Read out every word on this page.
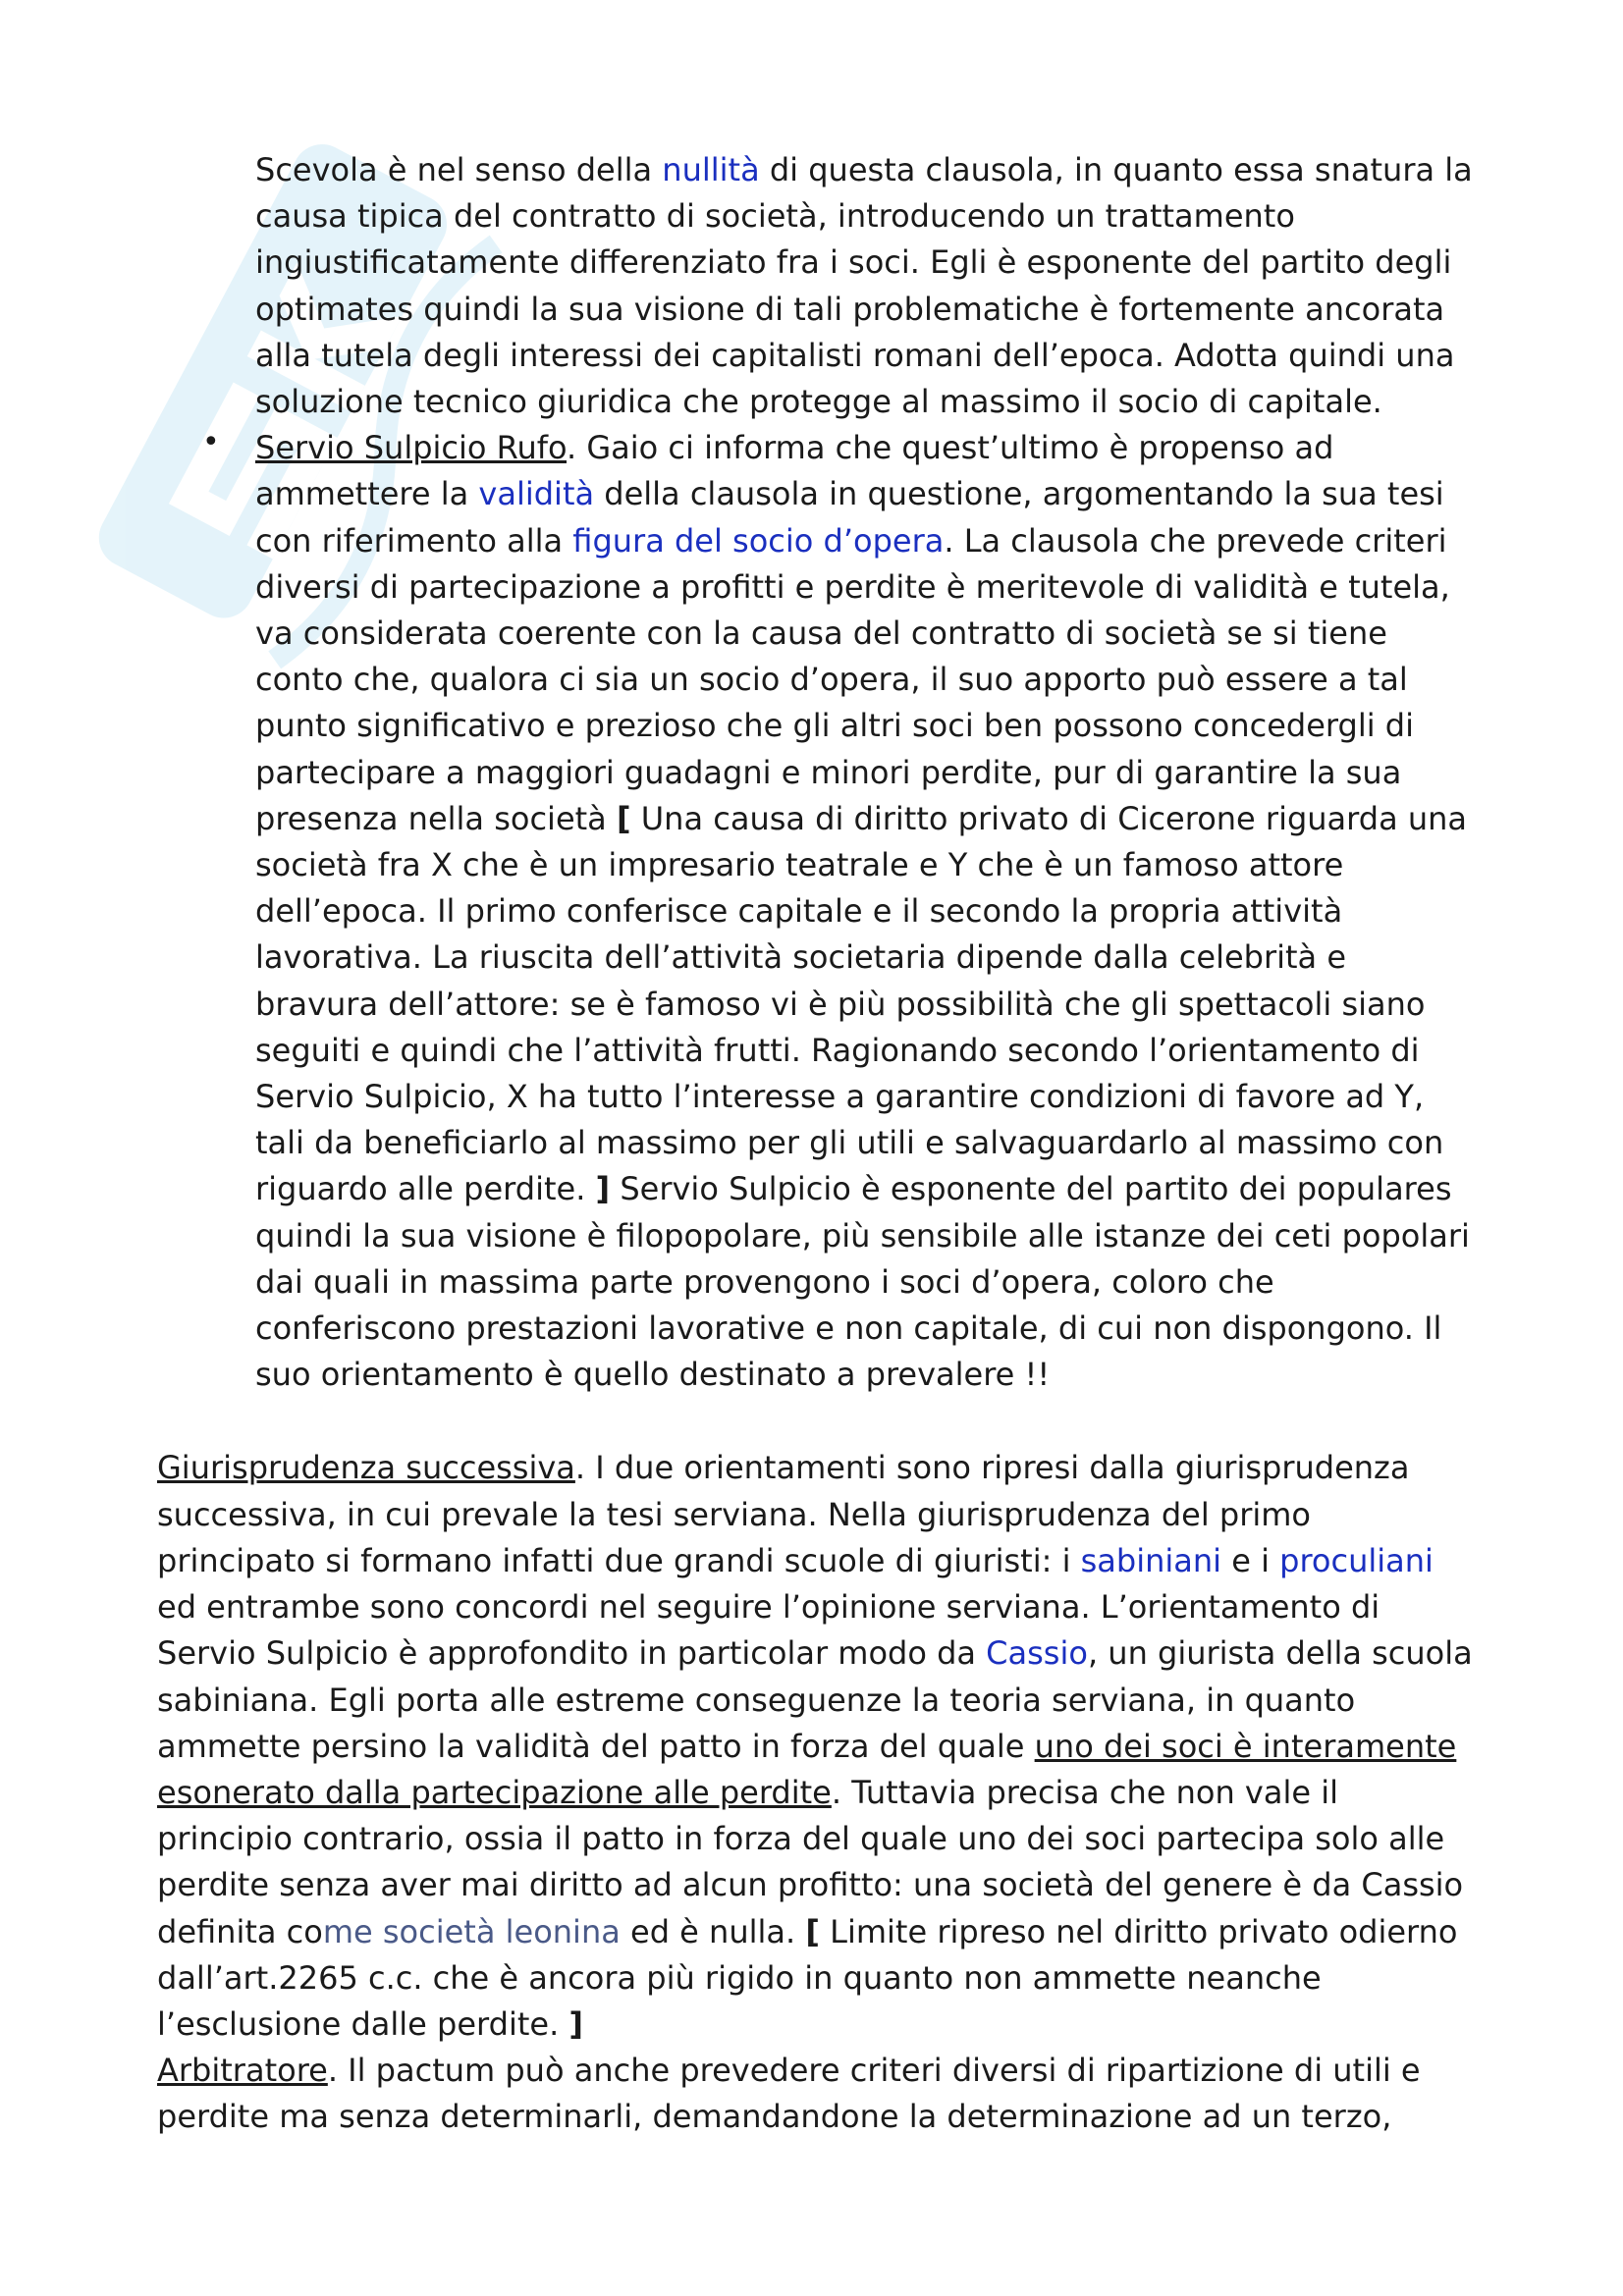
Scevola è nel senso della nullità di questa clausola, in quanto essa snatura la causa tipica del contratto di società, introducendo un trattamento ingiustificatamente differenziato fra i soci. Egli è esponente del partito degli optimates quindi la sua visione di tali problematiche è fortemente ancorata alla tutela degli interessi dei capitalisti romani dell’epoca. Adotta quindi una soluzione tecnico giuridica che protegge al massimo il socio di capitale.

• Servio Sulpicio Rufo. Gaio ci informa che quest’ultimo è propenso ad ammettere la validità della clausola in questione, argomentando la sua tesi con riferimento alla figura del socio d’opera. La clausola che prevede criteri diversi di partecipazione a profitti e perdite è meritevole di validità e tutela, va considerata coerente con la causa del contratto di società se si tiene conto che, qualora ci sia un socio d’opera, il suo apporto può essere a tal punto significativo e prezioso che gli altri soci ben possono concedergli di partecipare a maggiori guadagni e minori perdite, pur di garantire la sua presenza nella società [ Una causa di diritto privato di Cicerone riguarda una società fra X che è un impresario teatrale e Y che è un famoso attore dell’epoca. Il primo conferisce capitale e il secondo la propria attività lavorativa. La riuscita dell’attività societaria dipende dalla celebrità e bravura dell’attore: se è famoso vi è più possibilità che gli spettacoli siano seguiti e quindi che l’attività frutti. Ragionando secondo l’orientamento di Servio Sulpicio, X ha tutto l’interesse a garantire condizioni di favore ad Y, tali da beneficiarlo al massimo per gli utili e salvaguardarlo al massimo con riguardo alle perdite. ] Servio Sulpicio è esponente del partito dei populares quindi la sua visione è filopopolare, più sensibile alle istanze dei ceti popolari dai quali in massima parte provengono i soci d’opera, coloro che conferiscono prestazioni lavorative e non capitale, di cui non dispongono. Il suo orientamento è quello destinato a prevalere !!

Giurisprudenza successiva. I due orientamenti sono ripresi dalla giurisprudenza successiva, in cui prevale la tesi serviana. Nella giurisprudenza del primo principato si formano infatti due grandi scuole di giuristi: i sabiniani e i proculiani ed entrambe sono concordi nel seguire l’opinione serviana. L’orientamento di Servio Sulpicio è approfondito in particolar modo da Cassio, un giurista della scuola sabiniana. Egli porta alle estreme conseguenze la teoria serviana, in quanto ammette persino la validità del patto in forza del quale uno dei soci è interamente esonerato dalla partecipazione alle perdite. Tuttavia precisa che non vale il principio contrario, ossia il patto in forza del quale uno dei soci partecipa solo alle perdite senza aver mai diritto ad alcun profitto: una società del genere è da Cassio definita come società leonina ed è nulla. [ Limite ripreso nel diritto privato odierno dall’art.2265 c.c. che è ancora più rigido in quanto non ammette neanche l’esclusione dalle perdite. ]

Arbitratore. Il pactum può anche prevedere criteri diversi di ripartizione di utili e perdite ma senza determinarli, demandandone la determinazione ad un terzo,
